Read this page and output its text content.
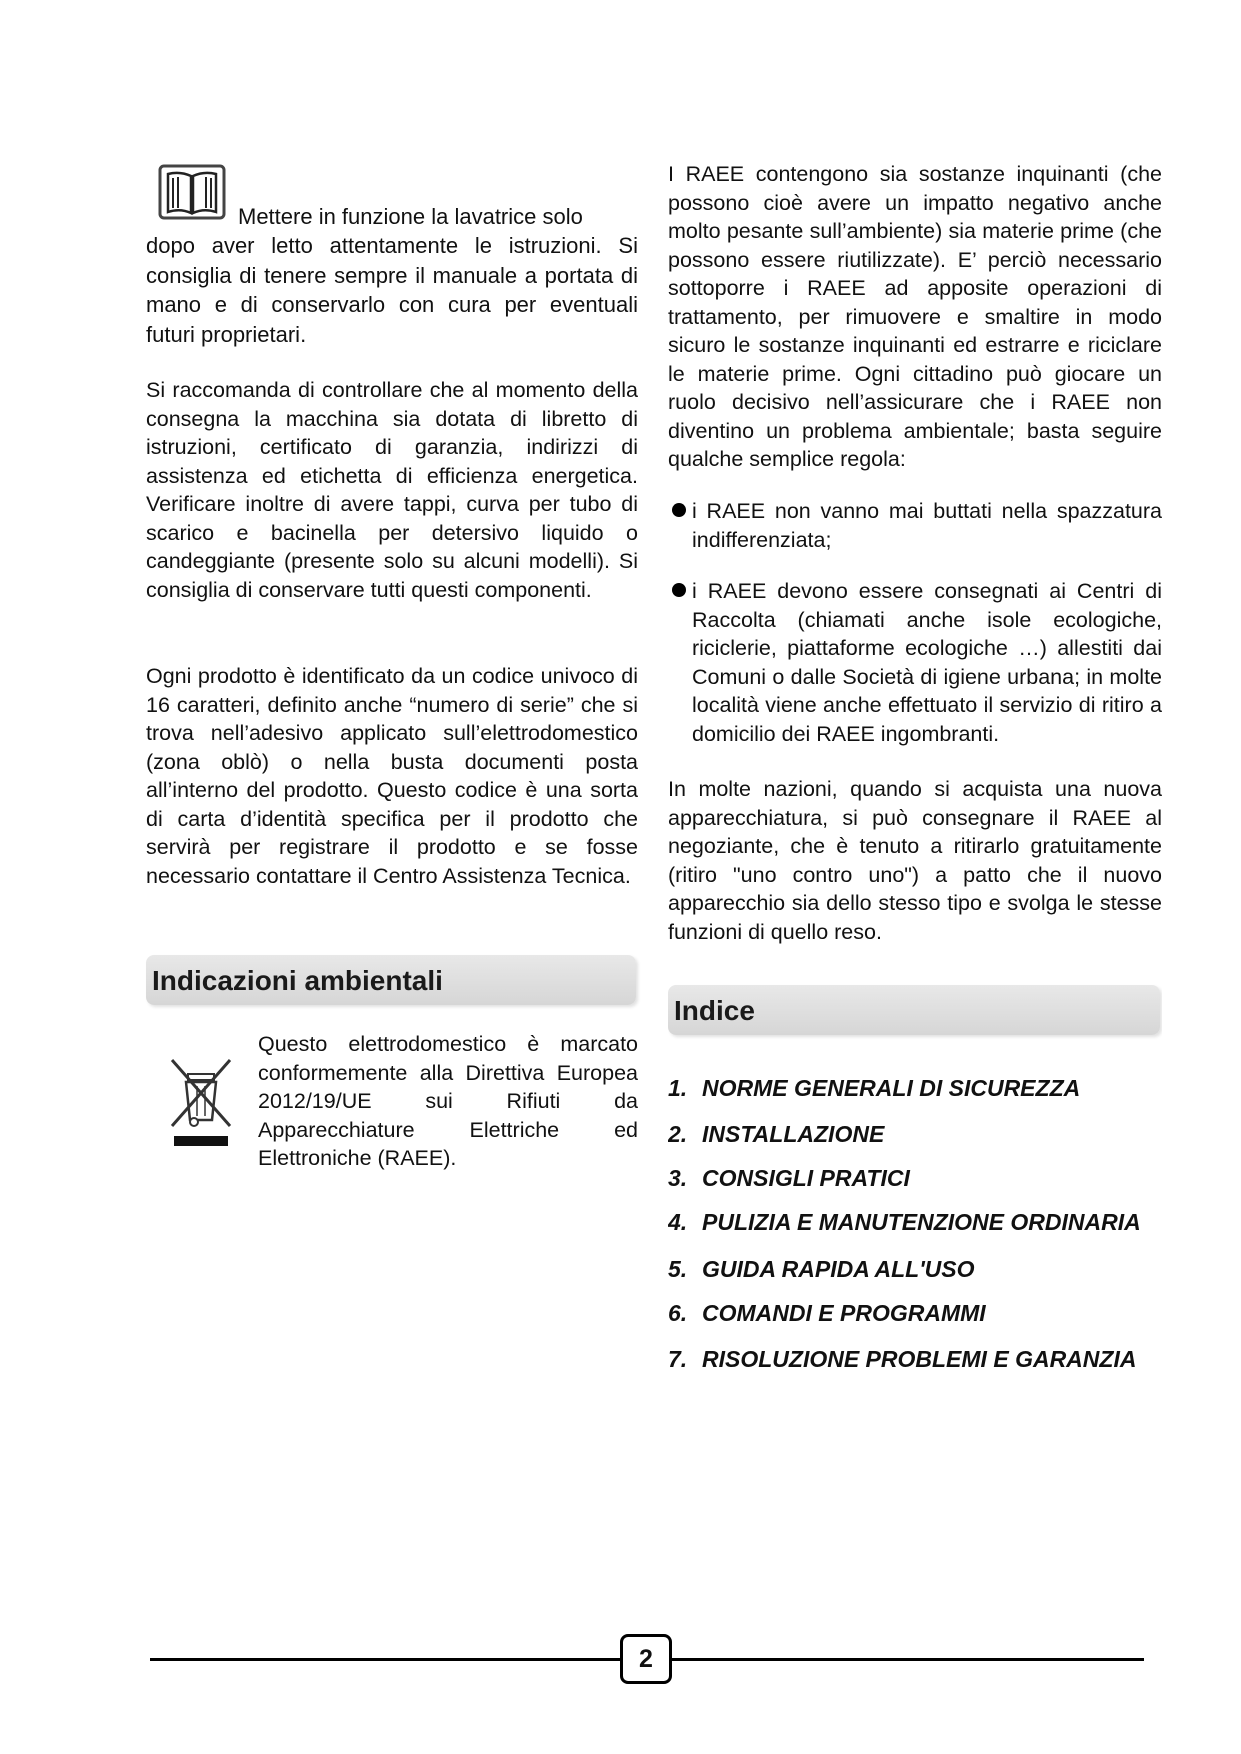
Mettere in funzione la lavatrice solo
dopo aver letto attentamente le istruzioni. Si consiglia di tenere sempre il manuale a portata di mano e di conservarlo con cura per eventuali futuri proprietari.
Si raccomanda di controllare che al momento della consegna la macchina sia dotata di libretto di istruzioni, certificato di garanzia, indirizzi di assistenza ed etichetta di efficienza energetica. Verificare inoltre di avere tappi, curva per tubo di scarico e bacinella per detersivo liquido o candeggiante (presente solo su alcuni modelli). Si consiglia di conservare tutti questi componenti.
Ogni prodotto è identificato da un codice univoco di 16 caratteri, definito anche “numero di serie” che si trova nell’adesivo applicato sull’elettrodomestico (zona oblò) o nella busta documenti posta all’interno del prodotto. Questo codice è una sorta di carta d’identità specifica per il prodotto che servirà per registrare il prodotto e se fosse necessario contattare il Centro Assistenza Tecnica.
Indicazioni ambientali
Questo elettrodomestico è marcato conformemente alla Direttiva Europea 2012/19/UE sui Rifiuti da Apparecchiature Elettriche ed Elettroniche (RAEE).
I RAEE contengono sia sostanze inquinanti (che possono cioè avere un impatto negativo anche molto pesante sull’ambiente) sia materie prime (che possono essere riutilizzate). E’ perciò necessario sottoporre i RAEE ad apposite operazioni di trattamento, per rimuovere e smaltire in modo sicuro le sostanze inquinanti ed estrarre e riciclare le materie prime. Ogni cittadino può giocare un ruolo decisivo nell’assicurare che i RAEE non diventino un problema ambientale; basta seguire qualche semplice regola:
i RAEE non vanno mai buttati nella spazzatura indifferenziata;
i RAEE devono essere consegnati ai Centri di Raccolta (chiamati anche isole ecologiche, riciclerie, piattaforme ecologiche …) allestiti dai Comuni o dalle Società di igiene urbana; in molte località viene anche effettuato il servizio di ritiro a domicilio dei RAEE ingombranti.
In molte nazioni, quando si acquista una nuova apparecchiatura, si può consegnare il RAEE al negoziante, che è tenuto a ritirarlo gratuitamente (ritiro "uno contro uno") a patto che il nuovo apparecchio sia dello stesso tipo e svolga le stesse funzioni di quello reso.
Indice
1. NORME GENERALI DI SICUREZZA
2. INSTALLAZIONE
3. CONSIGLI PRATICI
4. PULIZIA E MANUTENZIONE ORDINARIA
5. GUIDA RAPIDA ALL'USO
6. COMANDI E PROGRAMMI
7. RISOLUZIONE PROBLEMI E GARANZIA
2
